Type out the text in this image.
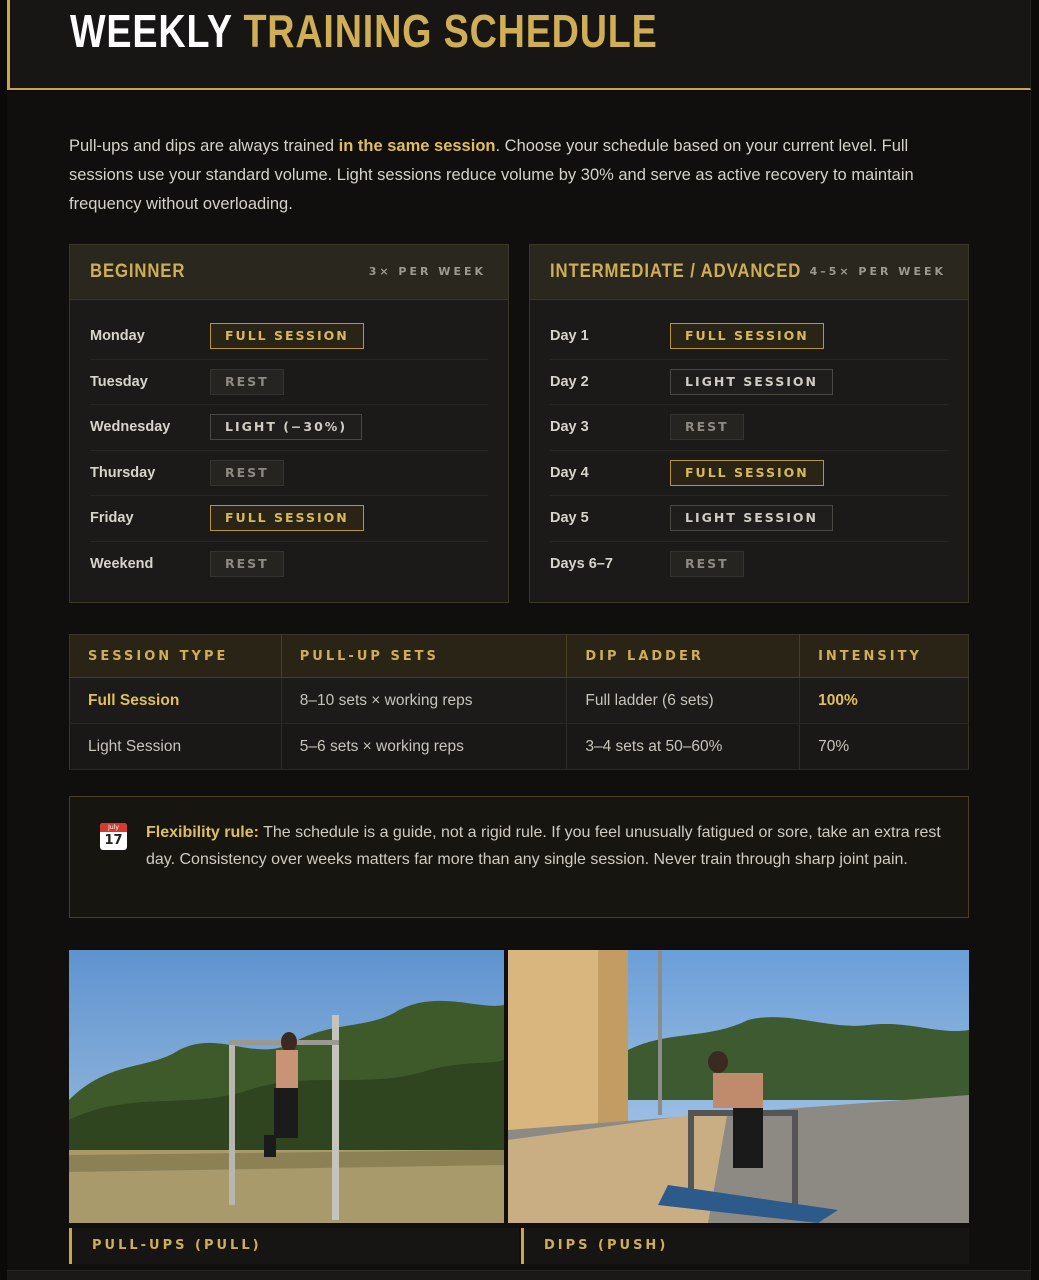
WEEKLY TRAINING SCHEDULE

Pull-ups and dips are always trained in the same session. Choose your schedule based on your current level. Full sessions use your standard volume. Light sessions reduce volume by 30% and serve as active recovery to maintain frequency without overloading.

BEGINNER	3× PER WEEK
Monday	FULL SESSION
Tuesday	REST
Wednesday	LIGHT (−30%)
Thursday	REST
Friday	FULL SESSION
Weekend	REST
INTERMEDIATE / ADVANCED 4–5× PER WEEK
Day 1	FULL SESSION
Day 2	LIGHT SESSION
Day 3	REST
Day 4	FULL SESSION
Day 5	LIGHT SESSION
Days 6–7	REST
SESSION TYPE	PULL-UP SETS	DIP LADDER	INTENSITY
Full Session	8–10 sets × working reps	Full ladder (6 sets)	100%
Light Session	5–6 sets × working reps	3–4 sets at 50–60%	70%
July
17 Flexibility rule: The schedule is a guide, not a rigid rule. If you feel unusually fatigued or sore, take an extra rest day. Consistency over weeks matters far more than any single session. Never train through sharp joint pain.

PULL-UPS (PULL)	DIPS (PUSH)
